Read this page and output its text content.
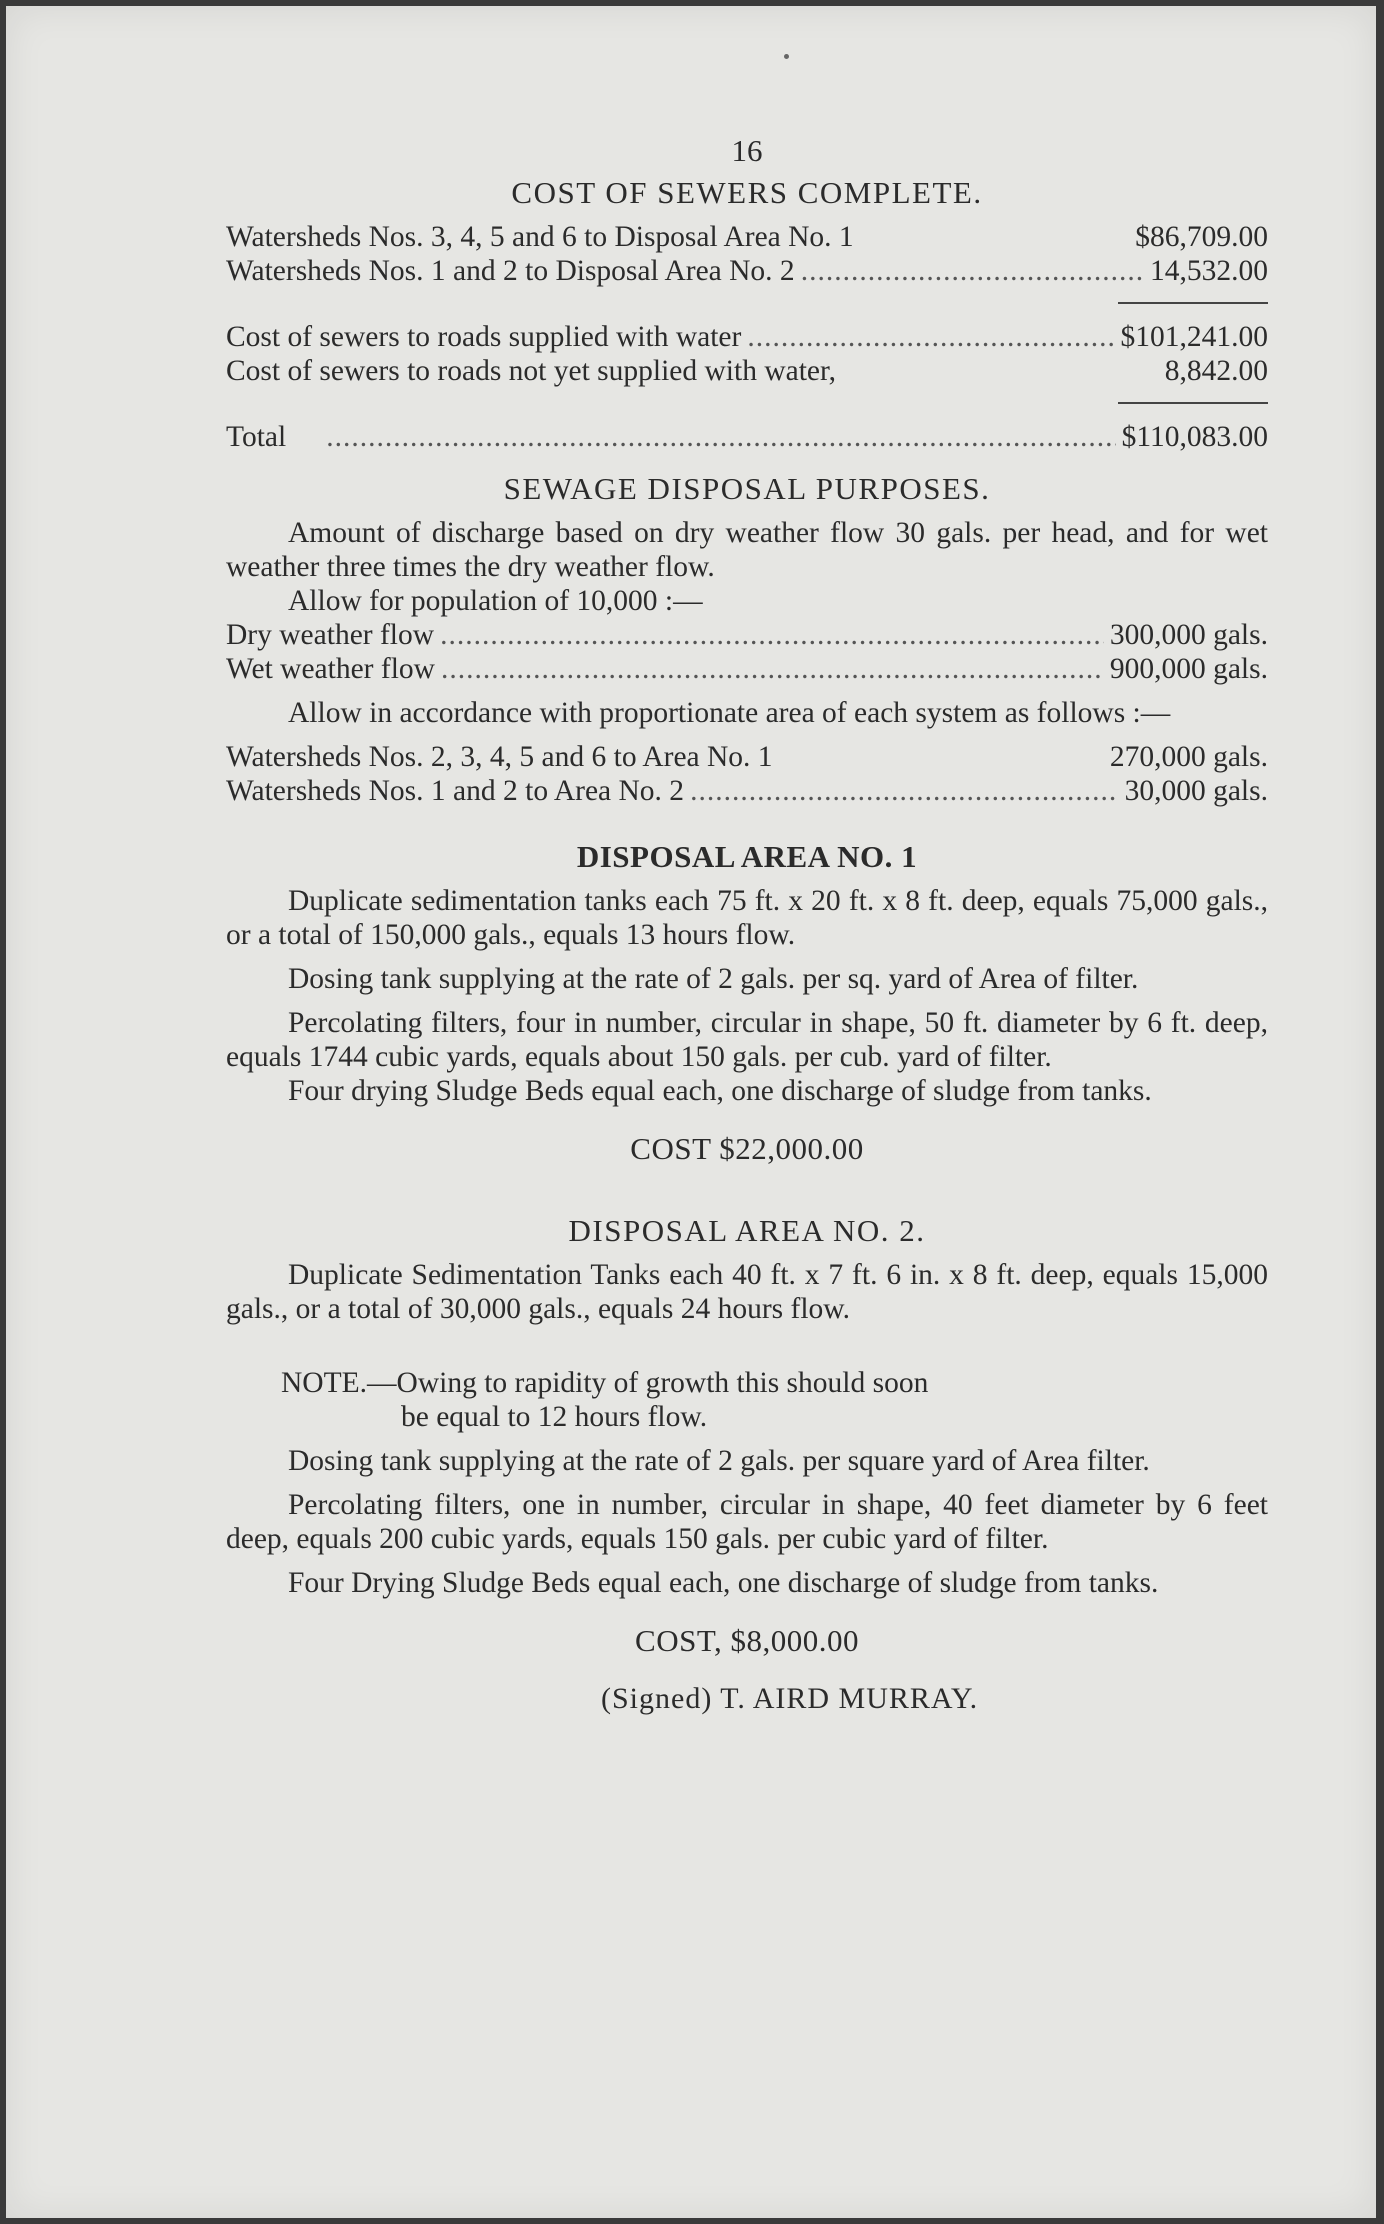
16
COST OF SEWERS COMPLETE.
Watersheds Nos. 3, 4, 5 and 6 to Disposal Area No. 1	$86,709.00
Watersheds Nos. 1 and 2 to Disposal Area No. 2 .....	14,532.00
Cost of sewers to roads supplied with water .....	$101,241.00
Cost of sewers to roads not yet supplied with water,	8,842.00
Total .....	$110,083.00
SEWAGE DISPOSAL PURPOSES.

Amount of discharge based on dry weather flow 30 gals. per head, and for wet weather three times the dry weather flow.

Allow for population of 10,000 :—

Dry weather flow .....	300,000 gals.
Wet weather flow .....	900,000 gals.

Allow in accordance with proportionate area of each system as follows :—

Watersheds Nos. 2, 3, 4, 5 and 6 to Area No. 1	270,000 gals.
Watersheds Nos. 1 and 2 to Area No. 2 .....	30,000 gals.
DISPOSAL AREA NO. 1

Duplicate sedimentation tanks each 75 ft. x 20 ft. x 8 ft. deep, equals 75,000 gals., or a total of 150,000 gals., equals 13 hours flow.

Dosing tank supplying at the rate of 2 gals. per sq. yard of Area of filter.

Percolating filters, four in number, circular in shape, 50 ft. diameter by 6 ft. deep, equals 1744 cubic yards, equals about 150 gals. per cub. yard of filter.

Four drying Sludge Beds equal each, one discharge of sludge from tanks.

COST $22,000.00
DISPOSAL AREA NO. 2.

Duplicate Sedimentation Tanks each 40 ft. x 7 ft. 6 in. x 8 ft. deep, equals 15,000 gals., or a total of 30,000 gals., equals 24 hours flow.

NOTE.—Owing to rapidity of growth this should soon
be equal to 12 hours flow.

Dosing tank supplying at the rate of 2 gals. per square yard of Area filter.

Percolating filters, one in number, circular in shape, 40 feet diameter by 6 feet deep, equals 200 cubic yards, equals 150 gals. per cubic yard of filter.

Four Drying Sludge Beds equal each, one discharge of sludge from tanks.

COST, $8,000.00
(Signed) T. AIRD MURRAY.
